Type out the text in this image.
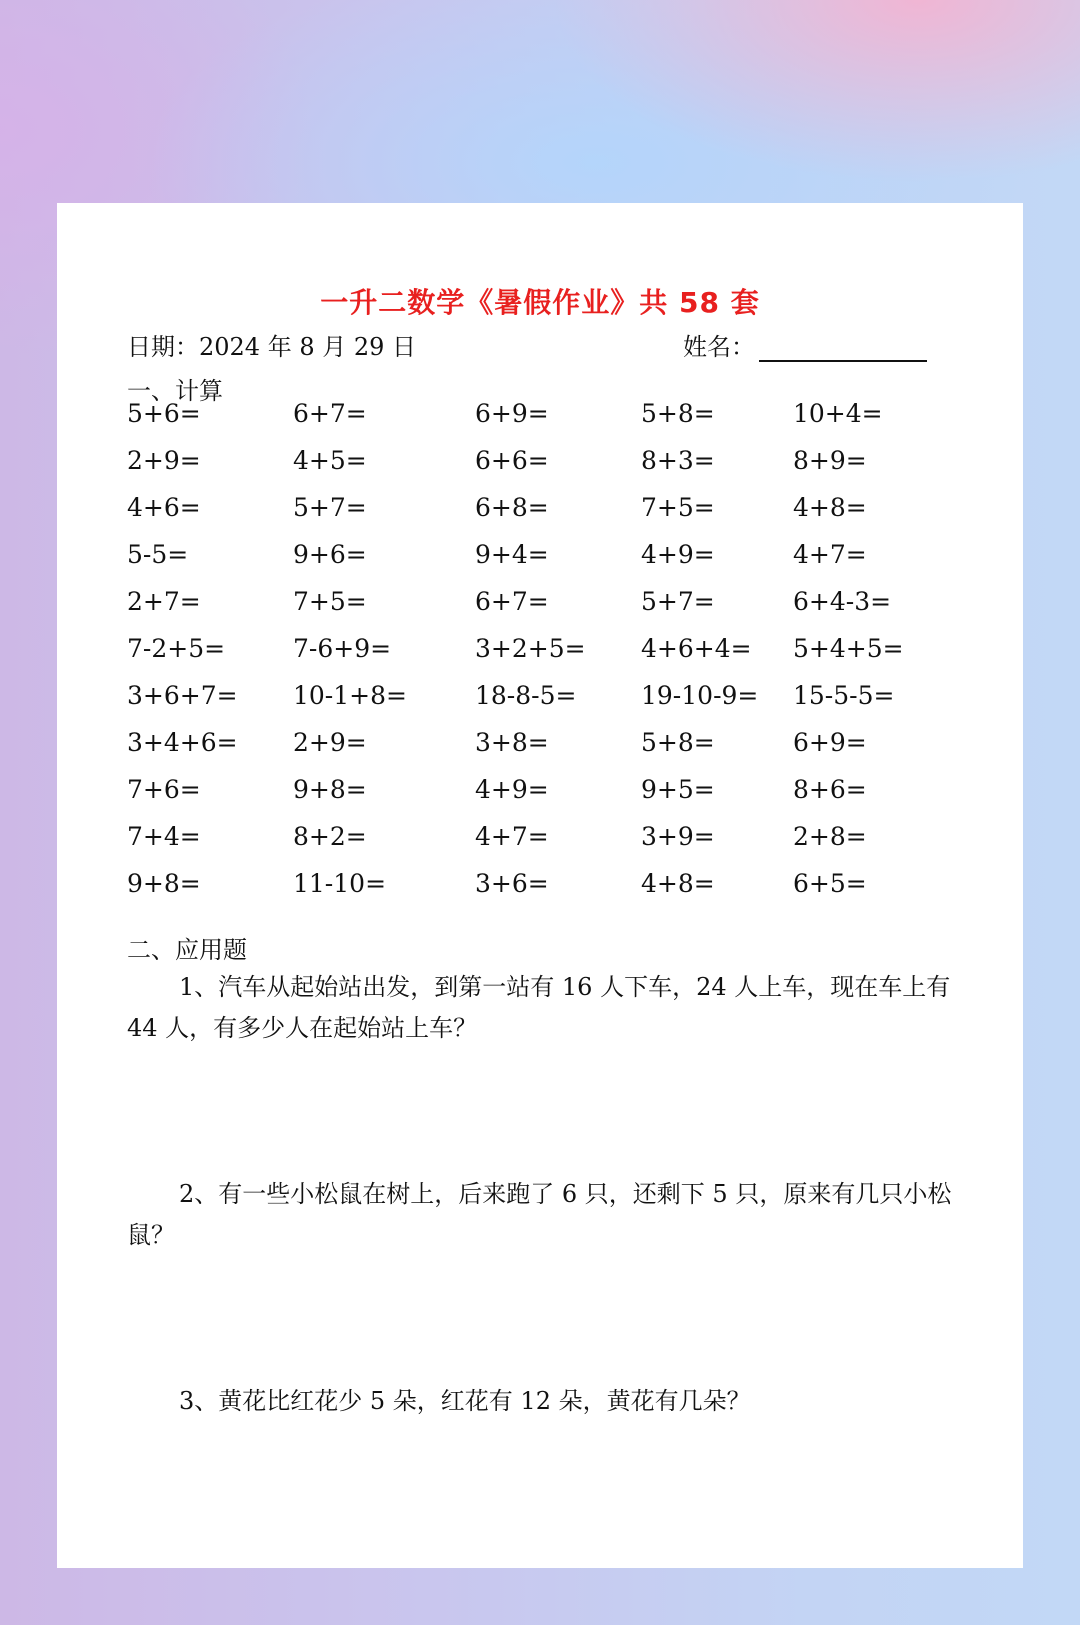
一升二数学《暑假作业》共 58 套
日期：2024 年 8 月 29 日	姓名：
一、计算
5+6=	6+7=	6+9=	5+8=	10+4=
2+9=	4+5=	6+6=	8+3=	8+9=
4+6=	5+7=	6+8=	7+5=	4+8=
5-5=	9+6=	9+4=	4+9=	4+7=
2+7=	7+5=	6+7=	5+7=	6+4-3=
7-2+5=	7-6+9=	3+2+5= 4+6+4= 5+4+5=
3+6+7= 10-1+8=	18-8-5=	19-10-9= 15-5-5=
3+4+6= 2+9=	3+8=	5+8=	6+9=
7+6=	9+8=	4+9=	9+5=	8+6=
7+4=	8+2=	4+7=	3+9=	2+8=
9+8=	11-10=	3+6=	4+8=	6+5=
二、应用题
1、汽车从起始站出发，到第一站有 16 人下车，24 人上车，现在车上有 44 人，有多少人在起始站上车？
2、有一些小松鼠在树上，后来跑了 6 只，还剩下 5 只，原来有几只小松鼠？
3、黄花比红花少 5 朵，红花有 12 朵，黄花有几朵？
